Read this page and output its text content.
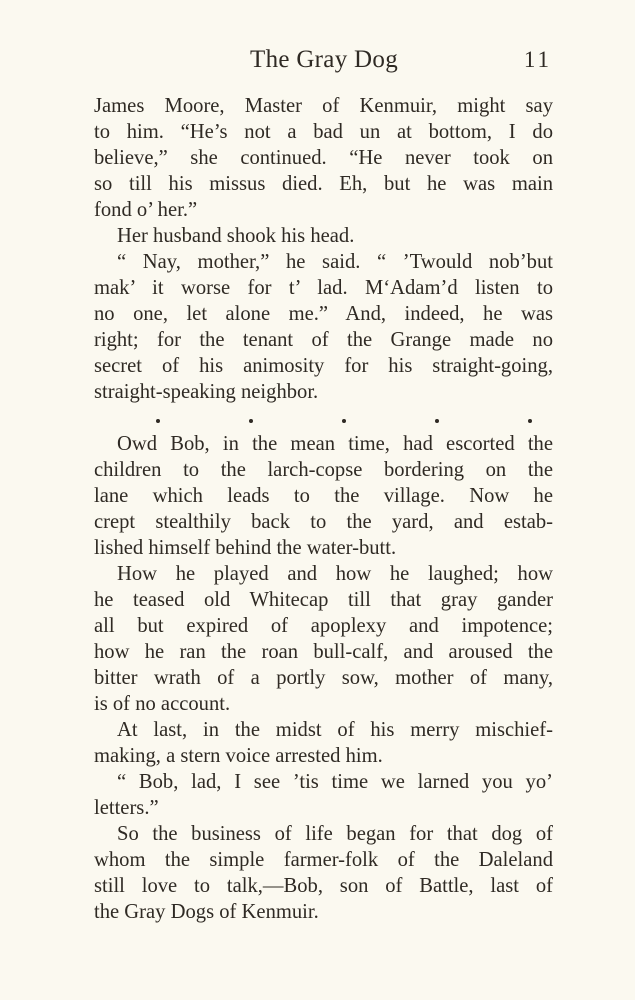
The Gray Dog	11
James Moore, Master of Kenmuir, might say
to him. “He’s not a bad un at bottom, I do
believe,” she continued. “He never took on
so till his missus died. Eh, but he was main
fond o’ her.”
Her husband shook his head.
“ Nay, mother,” he said. “ ’Twould nob’but
mak’ it worse for t’ lad. M‘Adam’d listen to
no one, let alone me.” And, indeed, he was
right; for the tenant of the Grange made no
secret of his animosity for his straight-going,
straight-speaking neighbor.
Owd Bob, in the mean time, had escorted the
children to the larch-copse bordering on the
lane which leads to the village. Now he
crept stealthily back to the yard, and estab-
lished himself behind the water-butt.
How he played and how he laughed; how
he teased old Whitecap till that gray gander
all but expired of apoplexy and impotence;
how he ran the roan bull-calf, and aroused the
bitter wrath of a portly sow, mother of many,
is of no account.
At last, in the midst of his merry mischief-
making, a stern voice arrested him.
“ Bob, lad, I see ’tis time we larned you yo’
letters.”
So the business of life began for that dog of
whom the simple farmer-folk of the Daleland
still love to talk,—Bob, son of Battle, last of
the Gray Dogs of Kenmuir.
